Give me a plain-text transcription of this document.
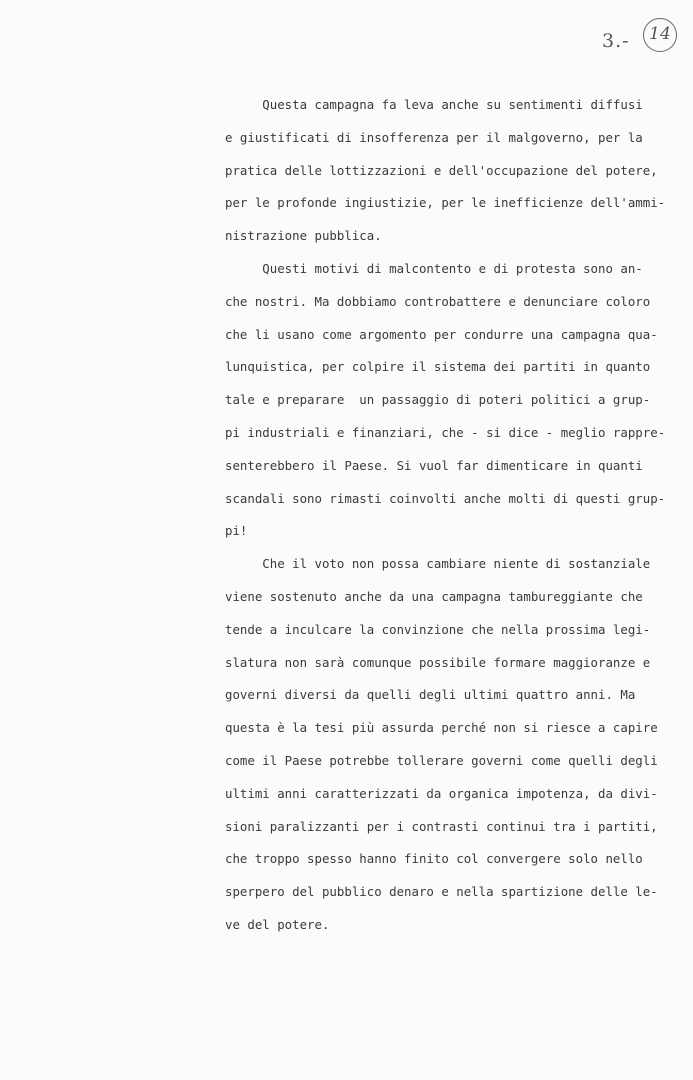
3.-	14
Questa campagna fa leva anche su sentimenti diffusi
e giustificati di insofferenza per il malgoverno, per la
pratica delle lottizzazioni e dell'occupazione del potere,
per le profonde ingiustizie, per le inefficienze dell'ammi-
nistrazione pubblica.
Questi motivi di malcontento e di protesta sono an-
che nostri. Ma dobbiamo controbattere e denunciare coloro
che li usano come argomento per condurre una campagna qua-
lunquistica, per colpire il sistema dei partiti in quanto
tale e preparare  un passaggio di poteri politici a grup-
pi industriali e finanziari, che - si dice - meglio rappre-
senterebbero il Paese. Si vuol far dimenticare in quanti
scandali sono rimasti coinvolti anche molti di questi grup-
pi!
Che il voto non possa cambiare niente di sostanziale
viene sostenuto anche da una campagna tambureggiante che
tende a inculcare la convinzione che nella prossima legi-
slatura non sarà comunque possibile formare maggioranze e
governi diversi da quelli degli ultimi quattro anni. Ma
questa è la tesi più assurda perché non si riesce a capire
come il Paese potrebbe tollerare governi come quelli degli
ultimi anni caratterizzati da organica impotenza, da divi-
sioni paralizzanti per i contrasti continui tra i partiti,
che troppo spesso hanno finito col convergere solo nello
sperpero del pubblico denaro e nella spartizione delle le-
ve del potere.
